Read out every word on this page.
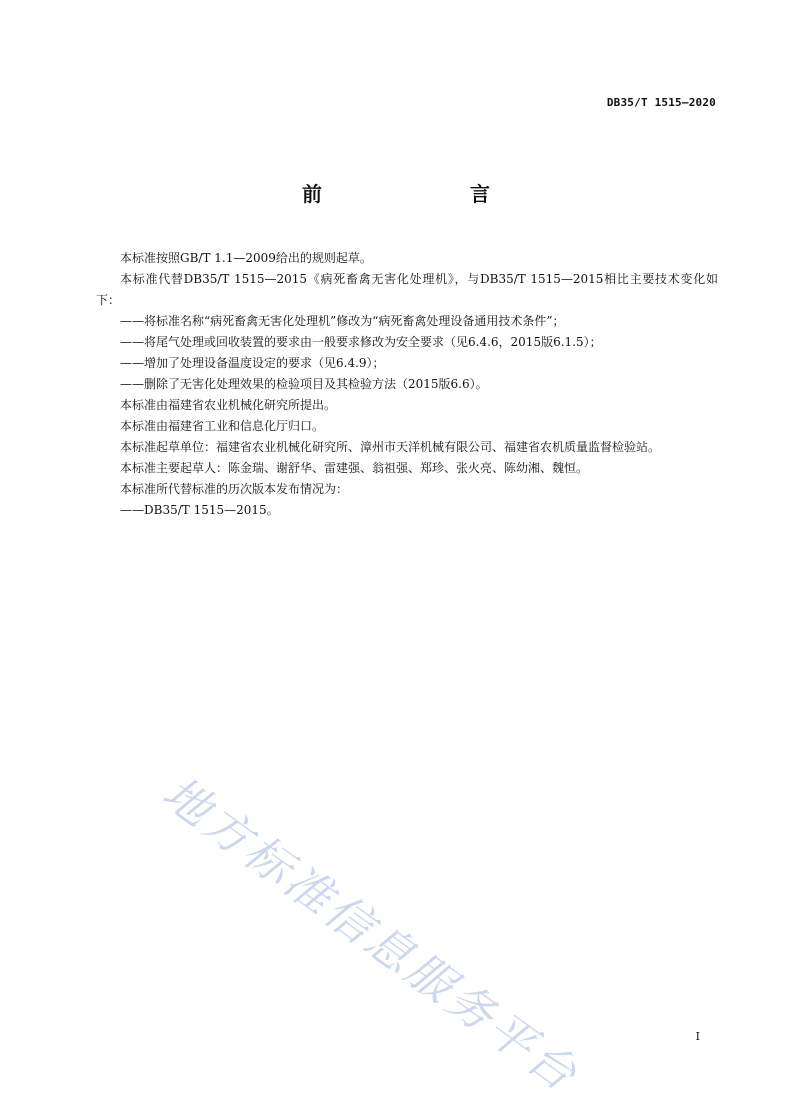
DB35/T 1515—2020
前　　言

本标准按照GB/T 1.1—2009给出的规则起草。

本标准代替DB35/T 1515—2015《病死畜禽无害化处理机》，与DB35/T 1515—2015相比主要技术变化如下：

——将标准名称“病死畜禽无害化处理机”修改为“病死畜禽处理设备通用技术条件”；

——将尾气处理或回收装置的要求由一般要求修改为安全要求（见6.4.6，2015版6.1.5）；

——增加了处理设备温度设定的要求（见6.4.9）；

——删除了无害化处理效果的检验项目及其检验方法（2015版6.6）。

本标准由福建省农业机械化研究所提出。

本标准由福建省工业和信息化厅归口。

本标准起草单位：福建省农业机械化研究所、漳州市天洋机械有限公司、福建省农机质量监督检验站。

本标准主要起草人：陈金瑞、谢舒华、雷建强、翁祖强、郑珍、张火亮、陈幼湘、魏恒。

本标准所代替标准的历次版本发布情况为：

——DB35/T 1515—2015。

地方标准信息服务平台	I
